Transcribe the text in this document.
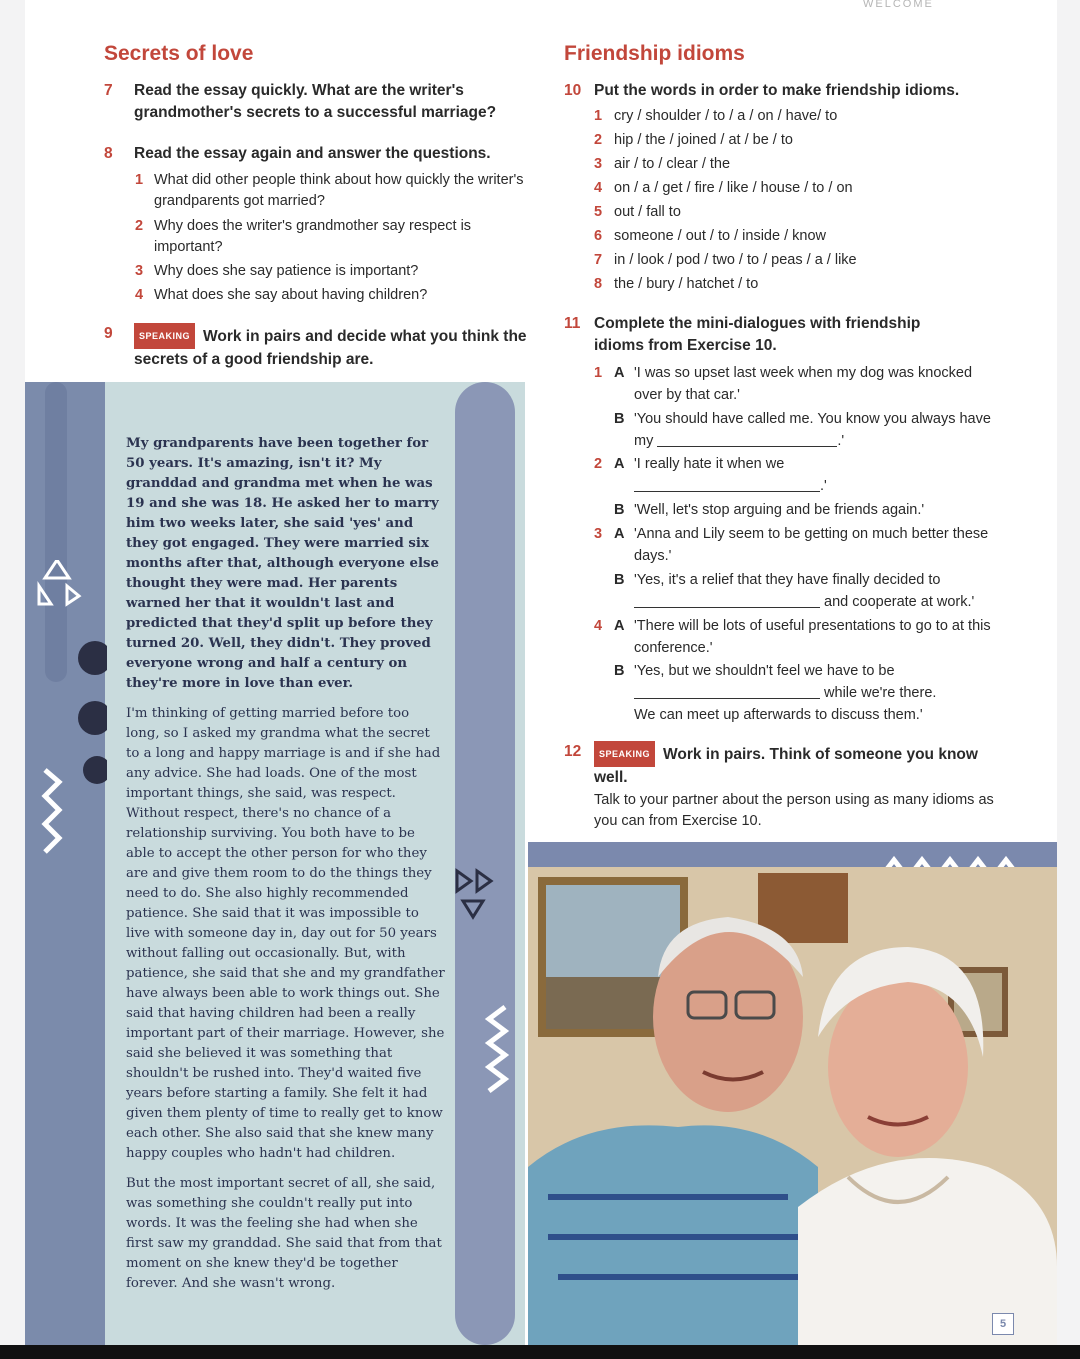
WELCOME
Secrets of love
7 Read the essay quickly. What are the writer's grandmother's secrets to a successful marriage?
8 Read the essay again and answer the questions.
1 What did other people think about how quickly the writer's grandparents got married?
2 Why does the writer's grandmother say respect is important?
3 Why does she say patience is important?
4 What does she say about having children?
9	SPEAKING Work in pairs and decide what you think the secrets of a good friendship are.

My grandparents have been together for 50 years. It's amazing, isn't it? My granddad and grandma met when he was 19 and she was 18. He asked her to marry him two weeks later, she said 'yes' and they got engaged. They were married six months after that, although everyone else thought they were mad. Her parents warned her that it wouldn't last and predicted that they'd split up before they turned 20. Well, they didn't. They proved everyone wrong and half a century on they're more in love than ever.

I'm thinking of getting married before too long, so I asked my grandma what the secret to a long and happy marriage is and if she had any advice. She had loads. One of the most important things, she said, was respect. Without respect, there's no chance of a relationship surviving. You both have to be able to accept the other person for who they are and give them room to do the things they need to do. She also highly recommended patience. She said that it was impossible to live with someone day in, day out for 50 years without falling out occasionally. But, with patience, she said that she and my grandfather have always been able to work things out. She said that having children had been a really important part of their marriage. However, she said she believed it was something that shouldn't be rushed into. They'd waited five years before starting a family. She felt it had given them plenty of time to really get to know each other. She also said that she knew many happy couples who hadn't had children.

But the most important secret of all, she said, was something she couldn't really put into words. It was the feeling she had when she first saw my granddad. She said that from that moment on she knew they'd be together forever. And she wasn't wrong.

Friendship idioms
10 Put the words in order to make friendship idioms.
1 cry / shoulder / to / a / on / have/ to
2 hip / the / joined / at / be / to
3 air / to / clear / the
4 on / a / get / fire / like / house / to / on
5 out / fall to
6 someone / out / to / inside / know
7 in / look / pod / two / to / peas / a / like
8 the / bury / hatchet / to
11 Complete the mini-dialogues with friendship idioms from Exercise 10.
1 A 'I was so upset last week when my dog was knocked over by that car.'
B 'You should have called me. You know you always have my	.'
2 A 'I really hate it when we
.'
B 'Well, let's stop arguing and be friends again.'
3 A 'Anna and Lily seem to be getting on much better these days.'
B 'Yes, it's a relief that they have finally decided to
and cooperate at work.'
4 A 'There will be lots of useful presentations to go to at this conference.'
B 'Yes, but we shouldn't feel we have to be
while we're there.
We can meet up afterwards to discuss them.'
12 SPEAKING Work in pairs. Think of someone you know well.
Talk to your partner about the person using as many idioms as you can from Exercise 10.
5
